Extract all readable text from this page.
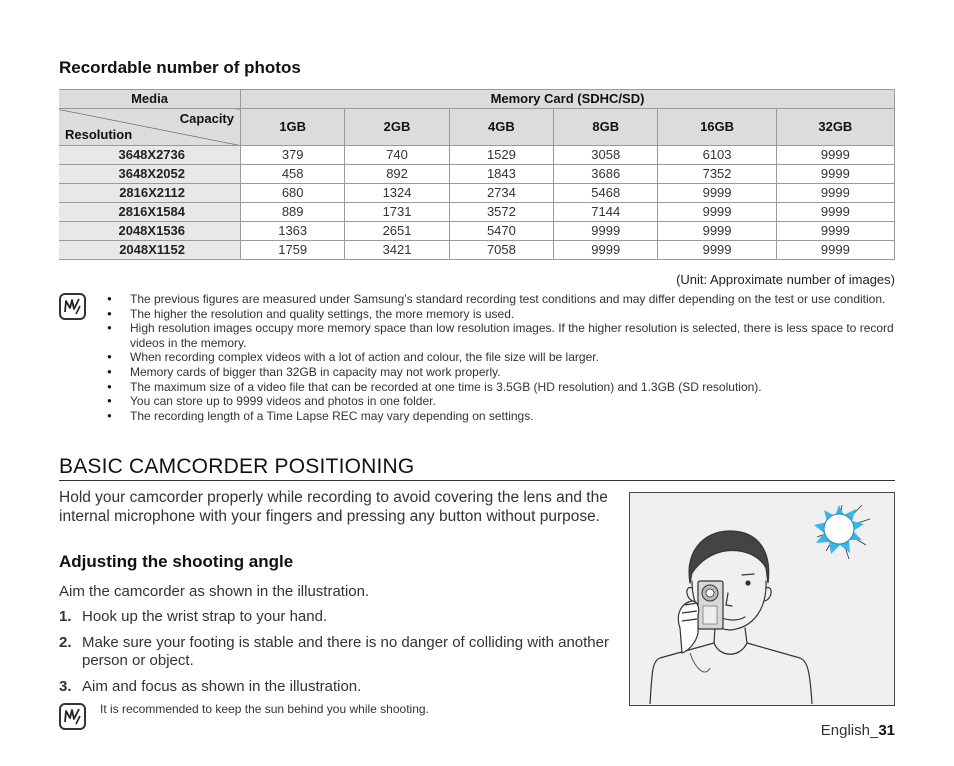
Recordable number of photos
Media	Memory Card (SDHC/SD)					

Capacity
Resolution	1GB	2GB	4GB	8GB	16GB	32GB
3648X2736	379	740	1529	3058	6103	9999
3648X2052	458	892	1843	3686	7352	9999
2816X2112	680	1324	2734	5468	9999	9999
2816X1584	889	1731	3572	7144	9999	9999
2048X1536	1363	2651	5470	9999	9999	9999
2048X1152	1759	3421	7058	9999	9999	9999
(Unit: Approximate number of images)
● The previous figures are measured under Samsung’s standard recording test conditions and may differ depending on the test or use condition.
● The higher the resolution and quality settings, the more memory is used.
● High resolution images occupy more memory space than low resolution images. If the higher resolution is selected, there is less space to record videos in the memory.
● When recording complex videos with a lot of action and colour, the file size will be larger.
● Memory cards of bigger than 32GB in capacity may not work properly.
● The maximum size of a video file that can be recorded at one time is 3.5GB (HD resolution) and 1.3GB (SD resolution).
● You can store up to 9999 videos and photos in one folder.
● The recording length of a Time Lapse REC may vary depending on settings.
BASIC CAMCORDER POSITIONING
Hold your camcorder properly while recording to avoid covering the lens and the internal microphone with your fingers and pressing any button without purpose.
Adjusting the shooting angle
Aim the camcorder as shown in the illustration.
1. Hook up the wrist strap to your hand.
2. Make sure your footing is stable and there is no danger of colliding with another person or object.
3. Aim and focus as shown in the illustration.
It is recommended to keep the sun behind you while shooting.
English_31
